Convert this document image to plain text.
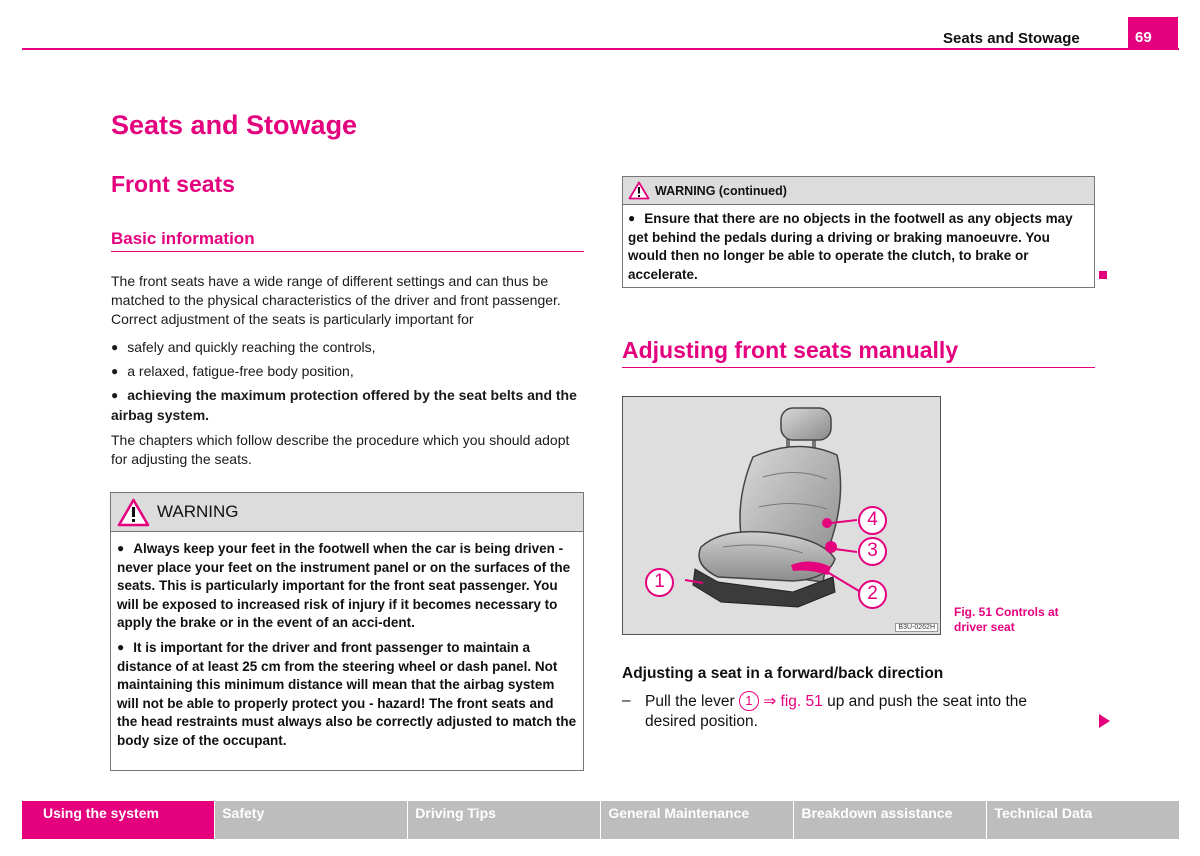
Seats and Stowage	69
Seats and Stowage
Front seats
Basic information

The front seats have a wide range of different settings and can thus be matched to the physical characteristics of the driver and front passenger. Correct adjustment of the seats is particularly important for

● safely and quickly reaching the controls,
● a relaxed, fatigue-free body position,
● achieving the maximum protection offered by the seat belts and the airbag system.

The chapters which follow describe the procedure which you should adopt for adjusting the seats.

WARNING

● Always keep your feet in the footwell when the car is being driven - never place your feet on the instrument panel or on the surfaces of the seats. This is particularly important for the front seat passenger. You will be exposed to increased risk of injury if it becomes necessary to apply the brake or in the event of an acci-dent.

● It is important for the driver and front passenger to maintain a distance of at least 25 cm from the steering wheel or dash panel. Not maintaining this minimum distance will mean that the airbag system will not be able to properly protect you - hazard! The front seats and the head restraints must always also be correctly adjusted to match the body size of the occupant.

WARNING (continued)

● Ensure that there are no objects in the footwell as any objects may get behind the pedals during a driving or braking manoeuvre. You would then no longer be able to operate the clutch, to brake or accelerate.

Adjusting front seats manually
4
3
2
1
B3U-0262H
Fig. 51 Controls at
driver seat
Adjusting a seat in a forward/back direction
– Pull the lever 1 ⇒ fig. 51 up and push the seat into the desired position.
Using the system	Safety	Driving Tips	General Maintenance	Breakdown assistance	Technical Data
